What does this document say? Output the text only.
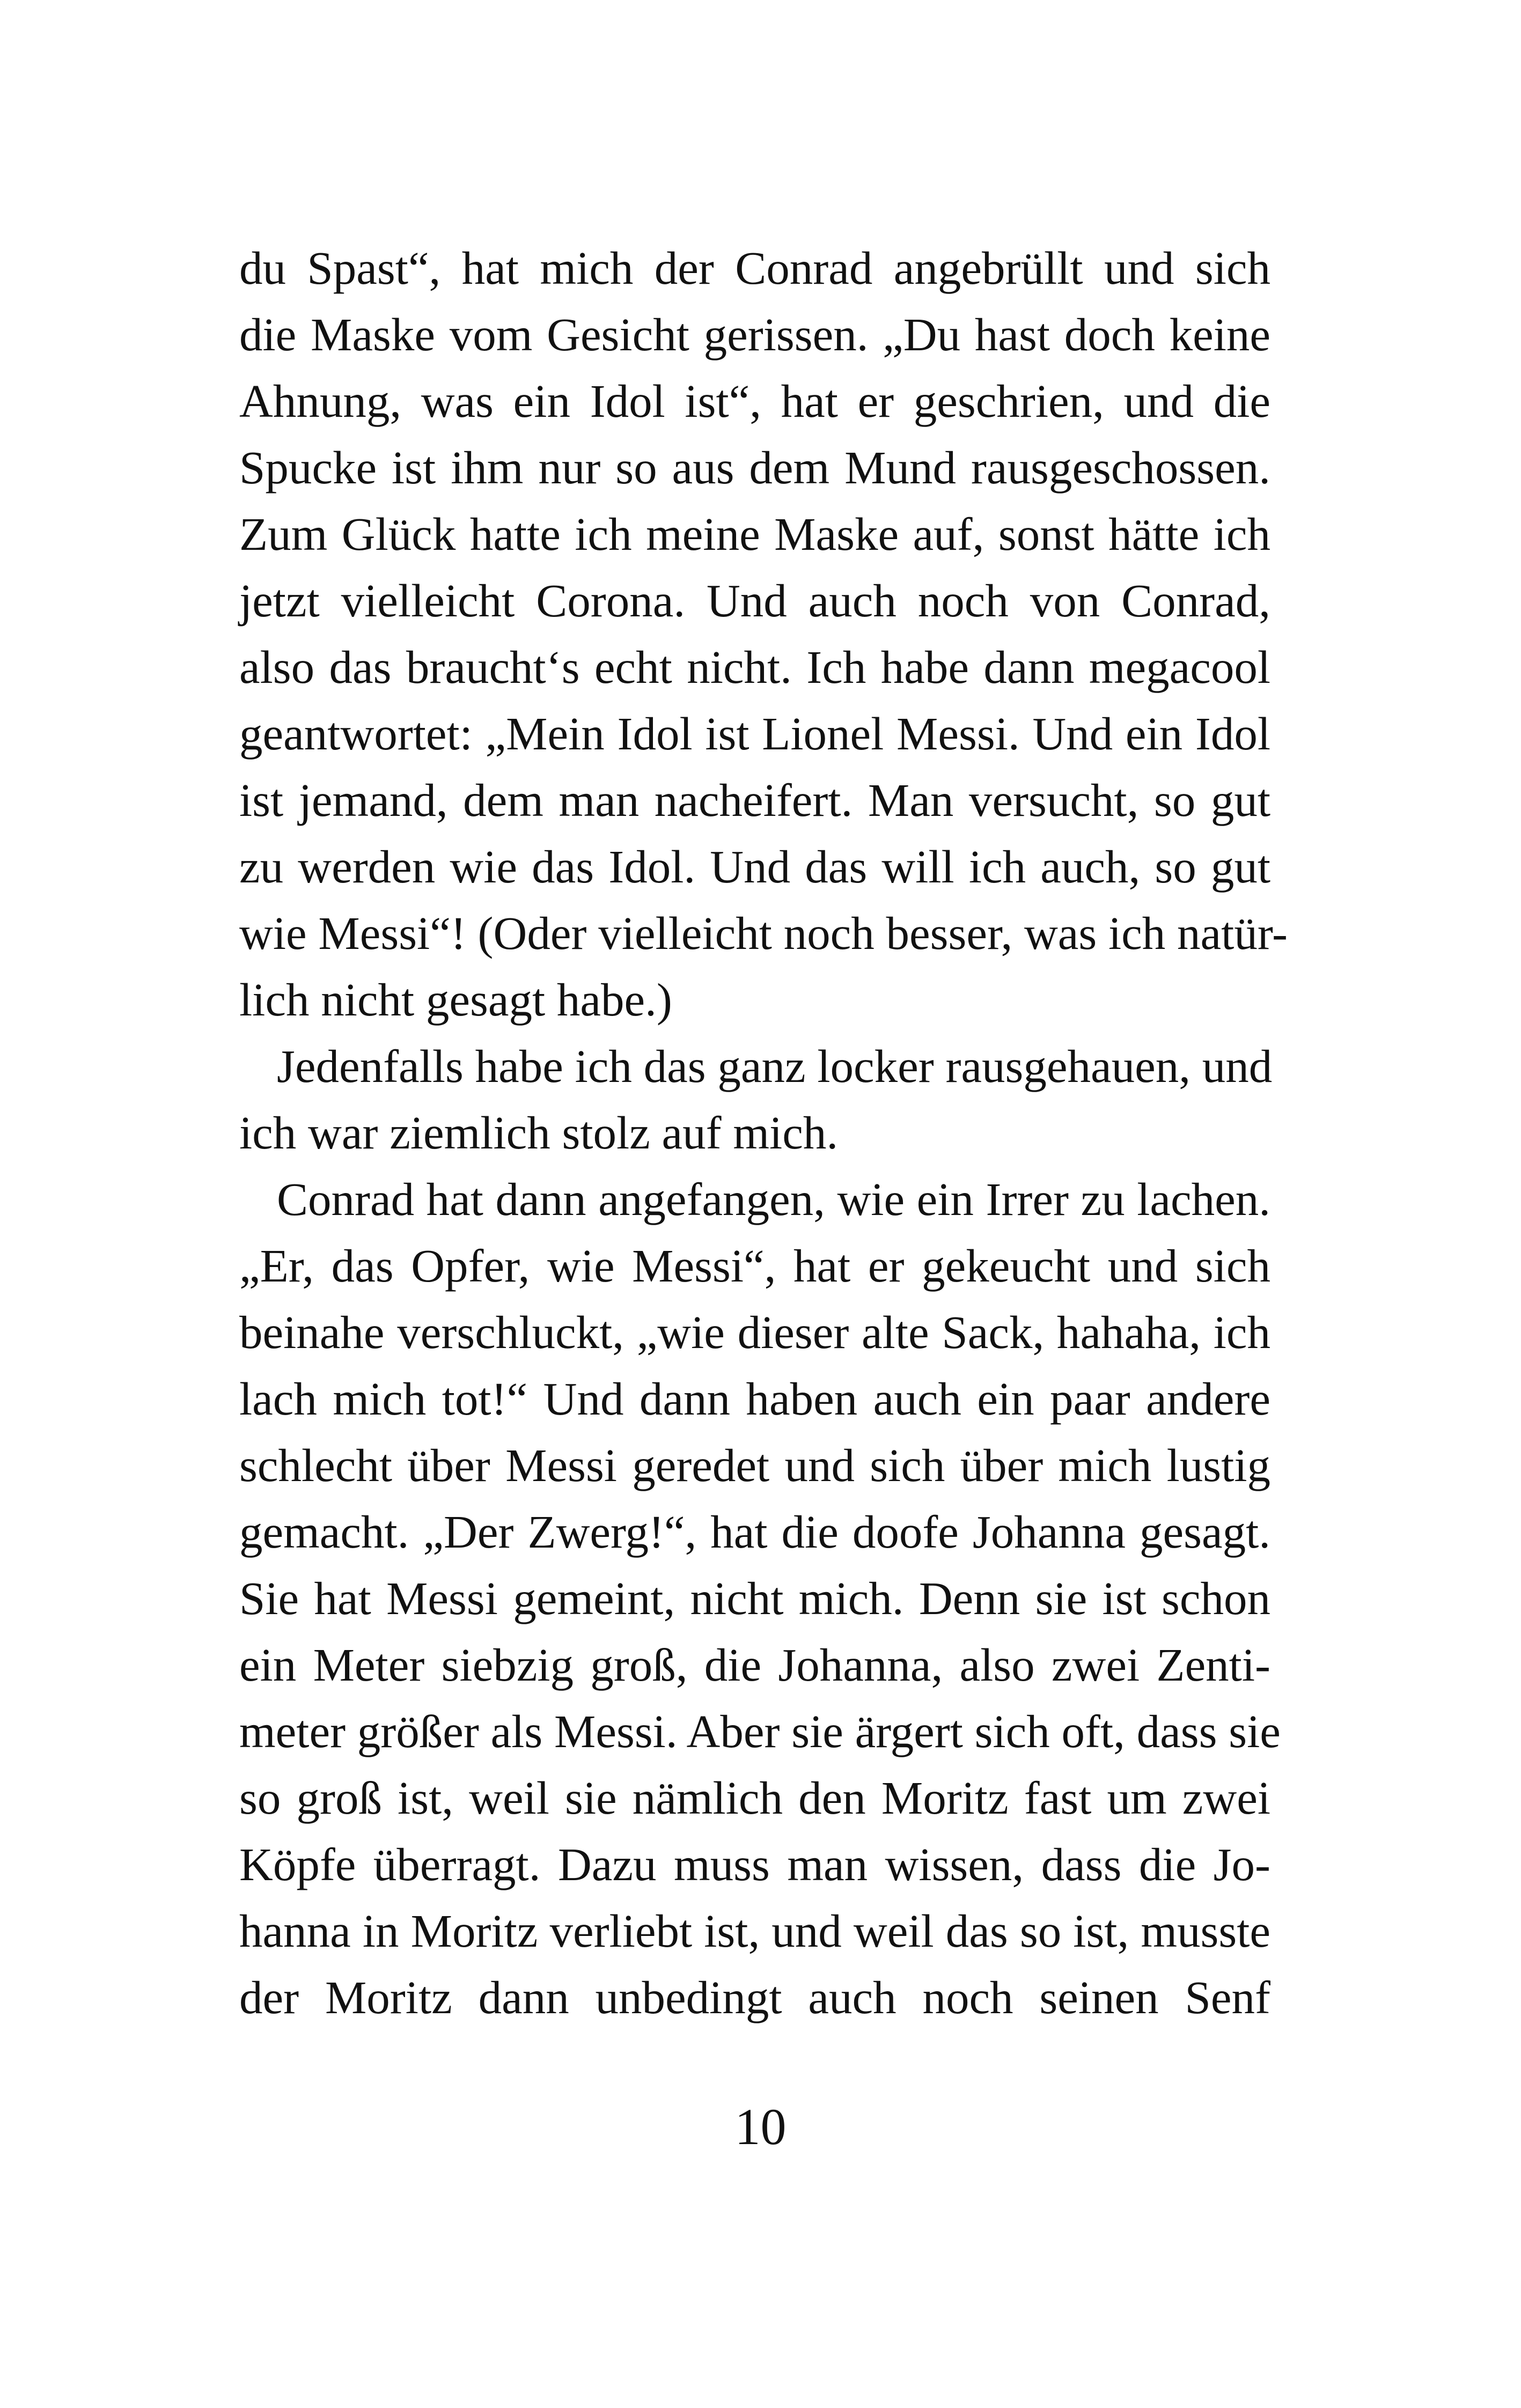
du Spast“, hat mich der Conrad angebrüllt und sich
die Maske vom Gesicht gerissen. „Du hast doch keine
Ahnung, was ein Idol ist“, hat er geschrien, und die
Spucke ist ihm nur so aus dem Mund rausgeschossen.
Zum Glück hatte ich meine Maske auf, sonst hätte ich
jetzt vielleicht Corona. Und auch noch von Conrad,
also das braucht‘s echt nicht. Ich habe dann megacool
geantwortet: „Mein Idol ist Lionel Messi. Und ein Idol
ist jemand, dem man nacheifert. Man versucht, so gut
zu werden wie das Idol. Und das will ich auch, so gut
wie Messi“! (Oder vielleicht noch besser, was ich natür-
lich nicht gesagt habe.)
Jedenfalls habe ich das ganz locker rausgehauen, und
ich war ziemlich stolz auf mich.
Conrad hat dann angefangen, wie ein Irrer zu lachen.
„Er, das Opfer, wie Messi“, hat er gekeucht und sich
beinahe verschluckt, „wie dieser alte Sack, hahaha, ich
lach mich tot!“ Und dann haben auch ein paar andere
schlecht über Messi geredet und sich über mich lustig
gemacht. „Der Zwerg!“, hat die doofe Johanna gesagt.
Sie hat Messi gemeint, nicht mich. Denn sie ist schon
ein Meter siebzig groß, die Johanna, also zwei Zenti-
meter größer als Messi. Aber sie ärgert sich oft, dass sie
so groß ist, weil sie nämlich den Moritz fast um zwei
Köpfe überragt. Dazu muss man wissen, dass die Jo-
hanna in Moritz verliebt ist, und weil das so ist, musste
der Moritz dann unbedingt auch noch seinen Senf
10
